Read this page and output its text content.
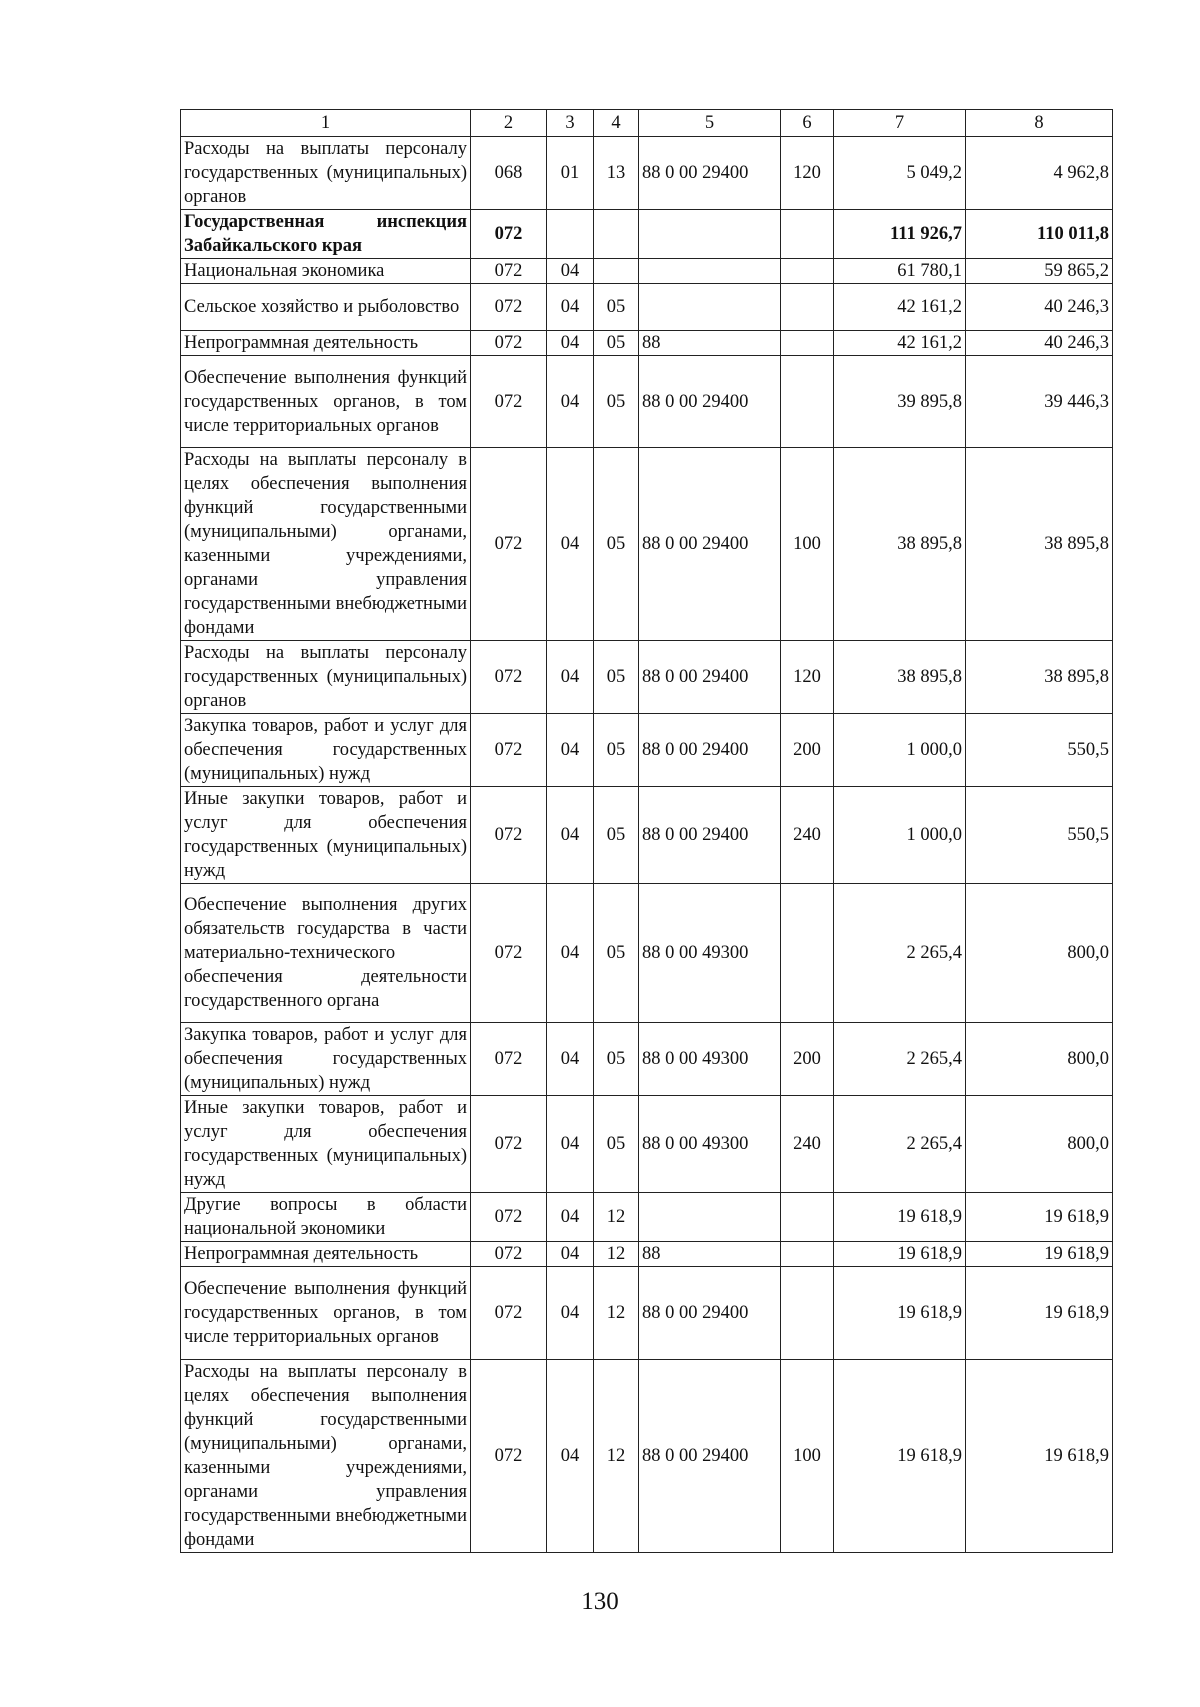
1	2	3	4	5	6	7	8
Расходы на выплаты персоналу государственных (муниципальных) органов	068	01	13	88 0 00 29400	120	5 049,2	4 962,8
Государственная инспекция Забайкальского края	072					111 926,7	110 011,8
Национальная экономика	072	04				61 780,1	59 865,2
Сельское хозяйство и рыболовство	072	04	05			42 161,2	40 246,3
Непрограммная деятельность	072	04	05	88		42 161,2	40 246,3
Обеспечение выполнения функций государственных органов, в том числе территориальных органов	072	04	05	88 0 00 29400		39 895,8	39 446,3
Расходы на выплаты персоналу в целях обеспечения выполнения функций государственными (муниципальными) органами, казенными учреждениями, органами управления государственными внебюджетными фондами	072	04	05	88 0 00 29400	100	38 895,8	38 895,8
Расходы на выплаты персоналу государственных (муниципальных) органов	072	04	05	88 0 00 29400	120	38 895,8	38 895,8
Закупка товаров, работ и услуг для обеспечения государственных (муниципальных) нужд	072	04	05	88 0 00 29400	200	1 000,0	550,5
Иные закупки товаров, работ и услуг для обеспечения государственных (муниципальных) нужд	072	04	05	88 0 00 29400	240	1 000,0	550,5
Обеспечение выполнения других обязательств государства в части материально-технического обеспечения деятельности государственного органа	072	04	05	88 0 00 49300		2 265,4	800,0
Закупка товаров, работ и услуг для обеспечения государственных (муниципальных) нужд	072	04	05	88 0 00 49300	200	2 265,4	800,0
Иные закупки товаров, работ и услуг для обеспечения государственных (муниципальных) нужд	072	04	05	88 0 00 49300	240	2 265,4	800,0
Другие вопросы в области национальной экономики	072	04	12			19 618,9	19 618,9
Непрограммная деятельность	072	04	12	88		19 618,9	19 618,9
Обеспечение выполнения функций государственных органов, в том числе территориальных органов	072	04	12	88 0 00 29400		19 618,9	19 618,9
Расходы на выплаты персоналу в целях обеспечения выполнения функций государственными (муниципальными) органами, казенными учреждениями, органами управления государственными внебюджетными фондами	072	04	12	88 0 00 29400	100	19 618,9	19 618,9
130
